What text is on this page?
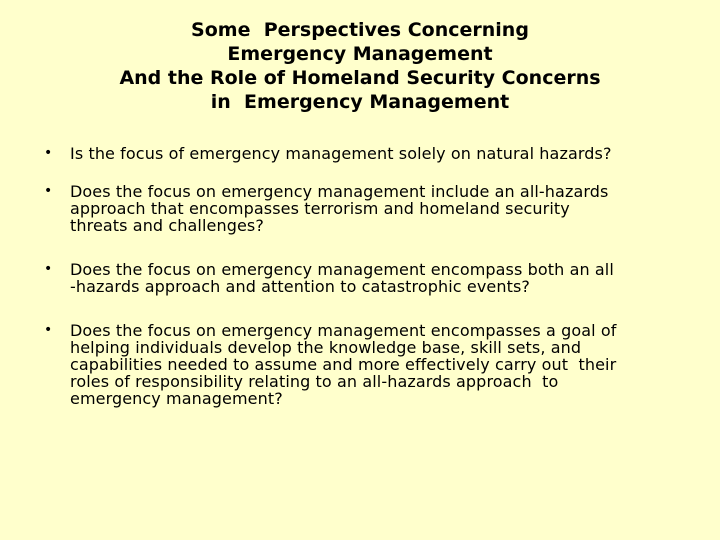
Some  Perspectives Concerning
Emergency Management
And the Role of Homeland Security Concerns
in  Emergency Management
•	Is the focus of emergency management solely on natural hazards?
•	Does the focus on emergency management include an all-hazards
approach that encompasses terrorism and homeland security
threats and challenges?
•	Does the focus on emergency management encompass both an all
-hazards approach and attention to catastrophic events?
•	Does the focus on emergency management encompasses a goal of
helping individuals develop the knowledge base, skill sets, and
capabilities needed to assume and more effectively carry out  their
roles of responsibility relating to an all-hazards approach  to
emergency management?
